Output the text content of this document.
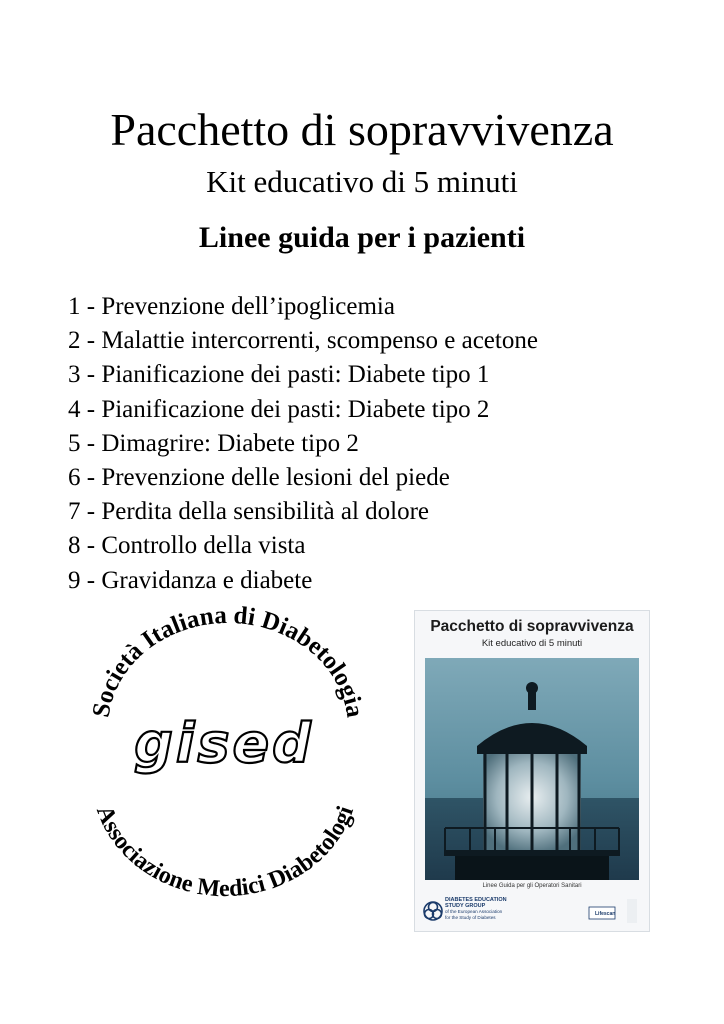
Pacchetto di sopravvivenza
Kit educativo di 5 minuti
Linee guida per i pazienti
1 - Prevenzione dell’ipoglicemia
2 - Malattie intercorrenti, scompenso e acetone
3 - Pianificazione dei pasti: Diabete tipo 1
4 - Pianificazione dei pasti: Diabete tipo 2
5 - Dimagrire: Diabete tipo 2
6 - Prevenzione delle lesioni del piede
7 - Perdita della sensibilità al dolore
8 - Controllo della vista
9 - Gravidanza e diabete
Società Italiana di Diabetologia
gised
Associazione Medici Diabetologi
Pacchetto di sopravvivenza
Kit educativo di 5 minuti
Linee Guida per gli Operatori Sanitari
DIABETES EDUCATION
STUDY GROUP
of the European Association
for the Study of Diabetes
Lifescan
